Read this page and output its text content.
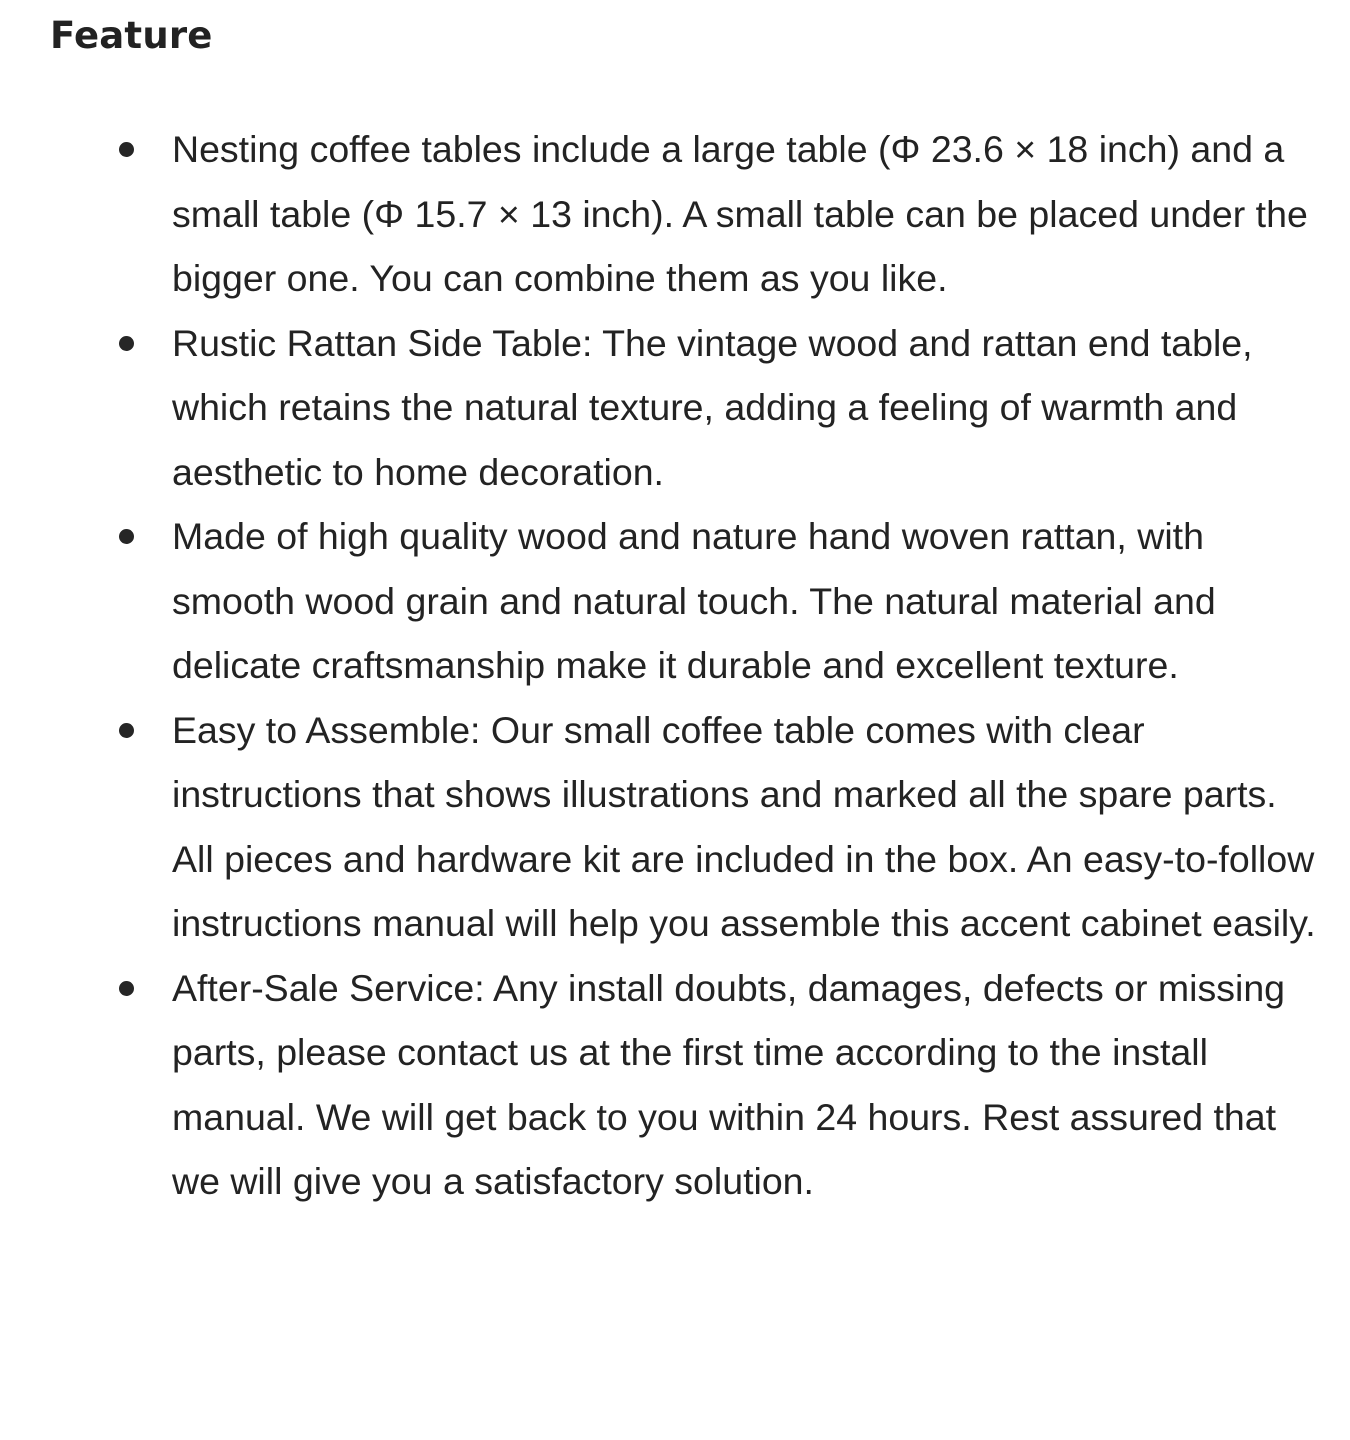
Feature
Nesting coffee tables include a large table (Φ 23.6 × 18 inch) and a small table (Φ 15.7 × 13 inch). A small table can be placed under the bigger one. You can combine them as you like.
Rustic Rattan Side Table: The vintage wood and rattan end table, which retains the natural texture, adding a feeling of warmth and aesthetic to home decoration.
Made of high quality wood and nature hand woven rattan, with smooth wood grain and natural touch. The natural material and delicate craftsmanship make it durable and excellent texture.
Easy to Assemble: Our small coffee table comes with clear instructions that shows illustrations and marked all the spare parts. All pieces and hardware kit are included in the box. An easy-to-follow instructions manual will help you assemble this accent cabinet easily.
After-Sale Service: Any install doubts, damages, defects or missing parts, please contact us at the first time according to the install manual. We will get back to you within 24 hours. Rest assured that we will give you a satisfactory solution.
